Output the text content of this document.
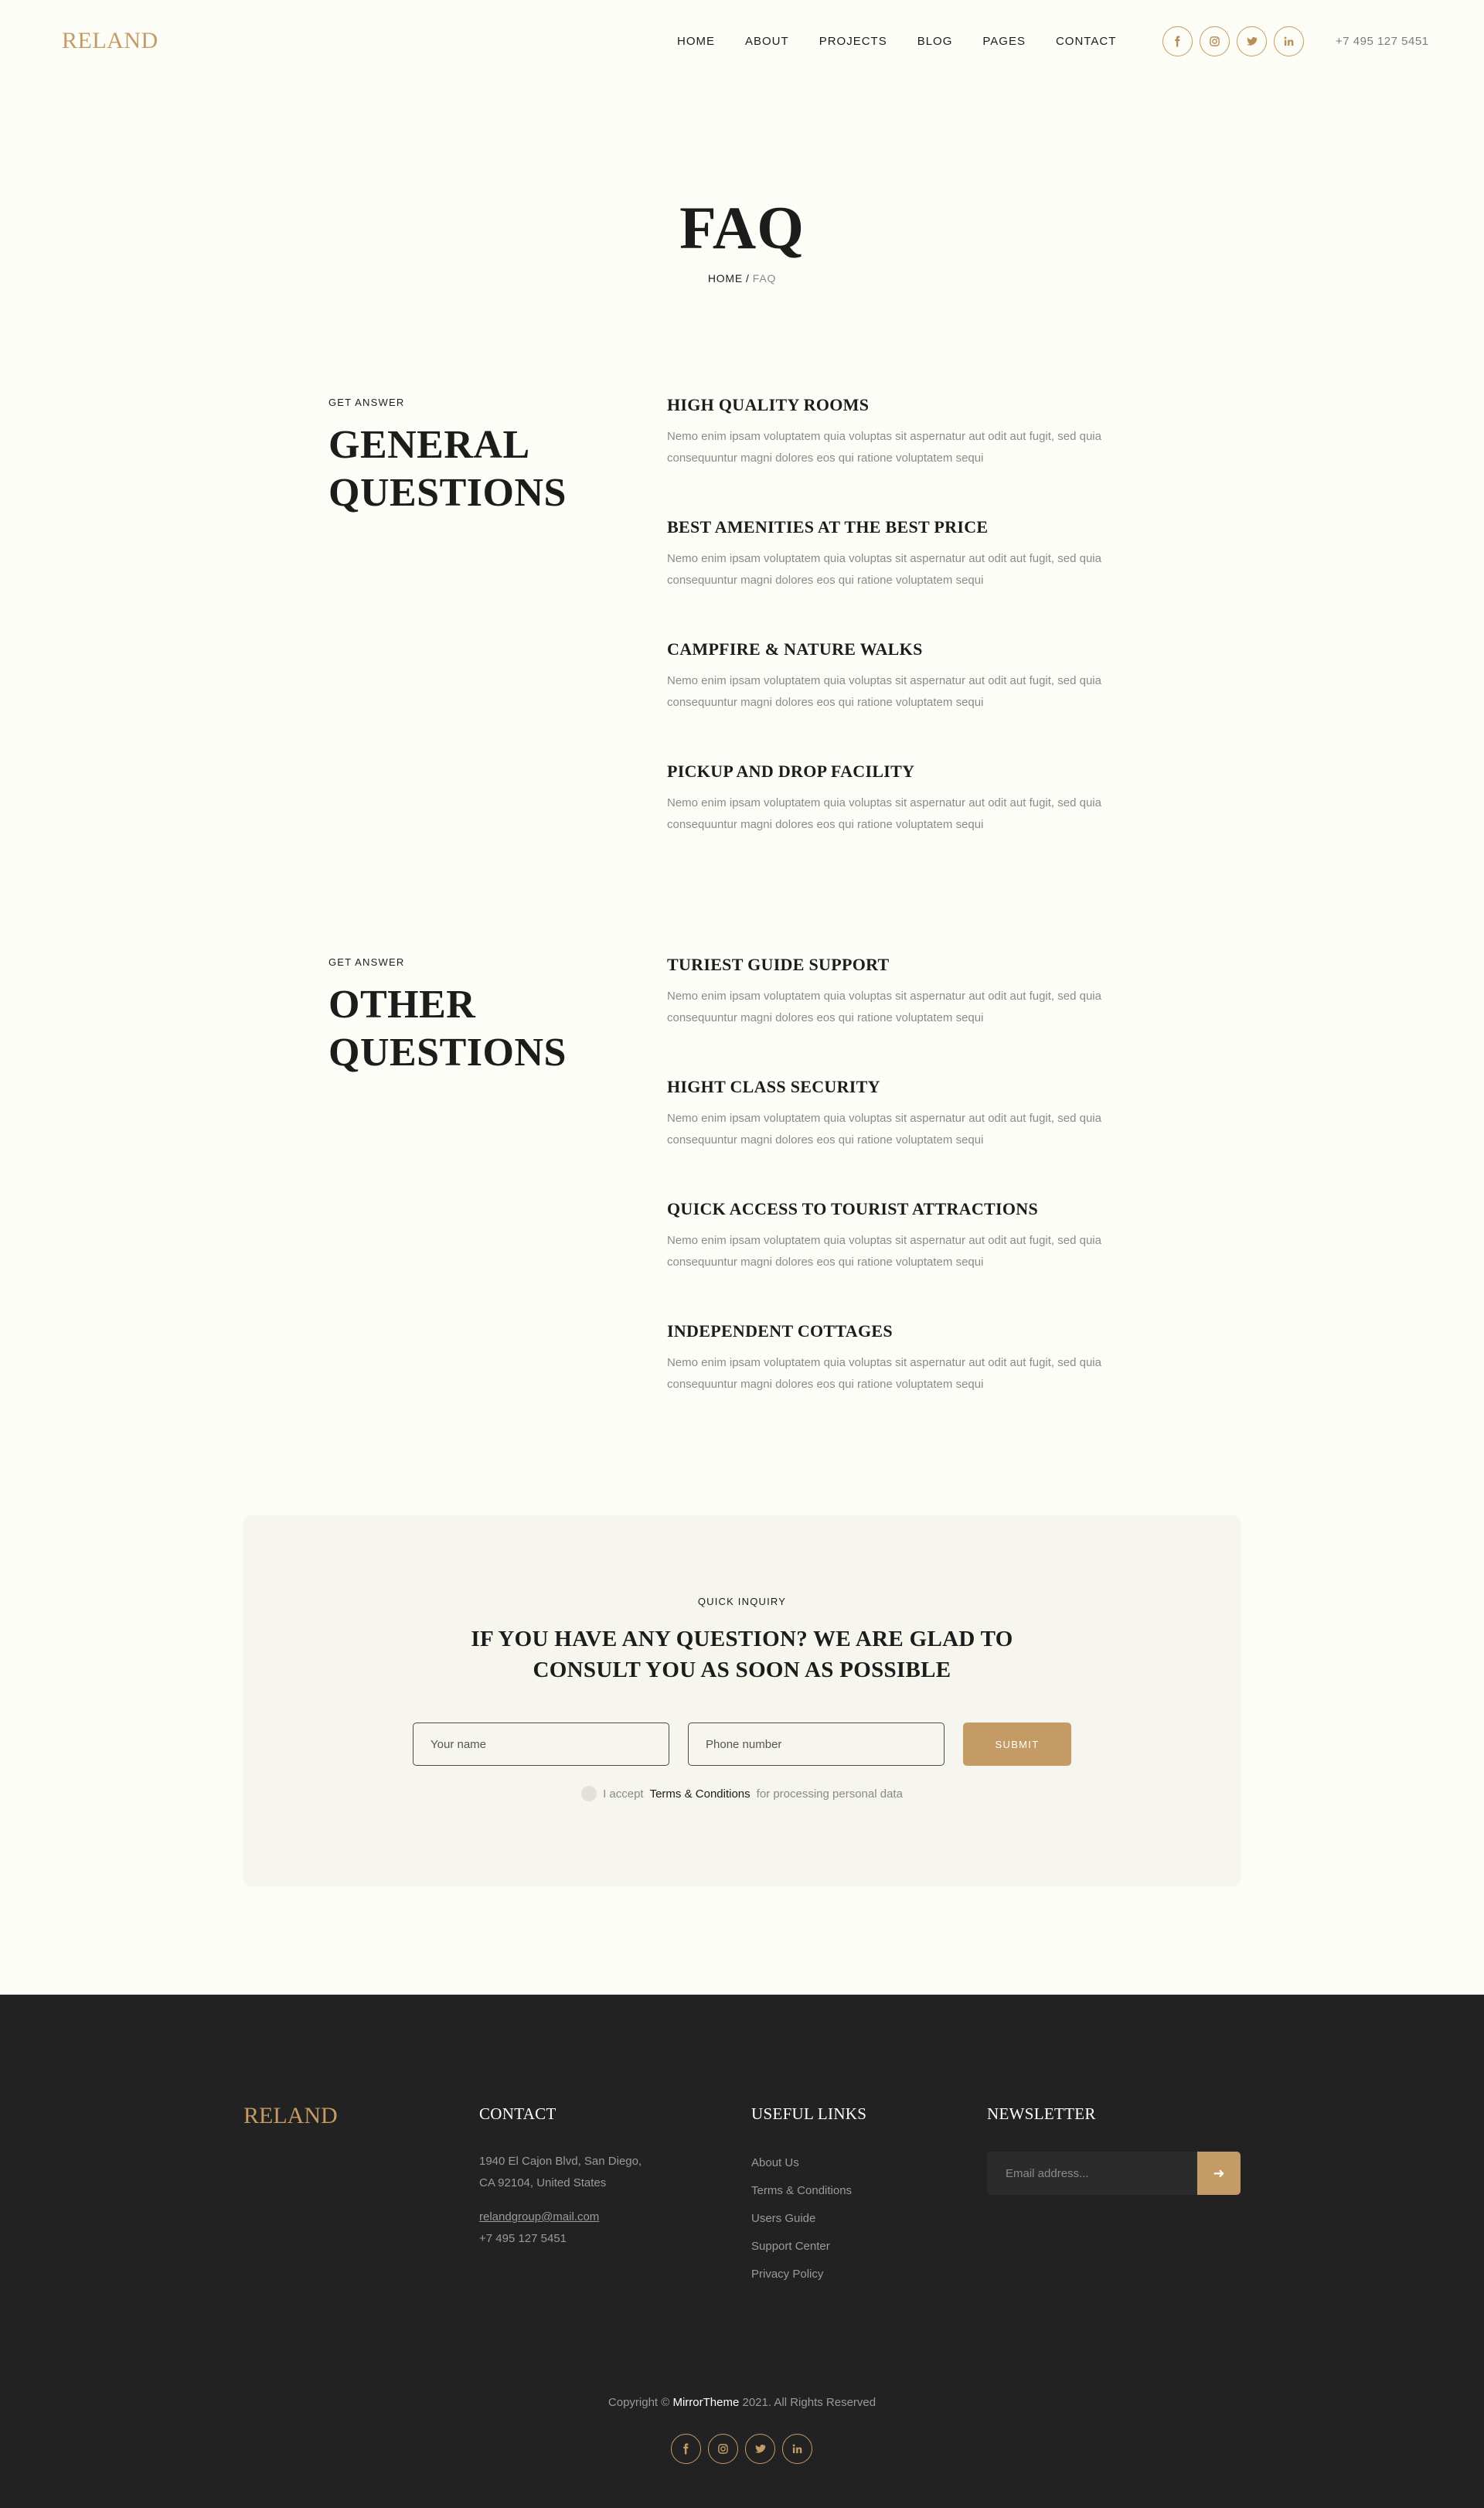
RELAND	HOME	ABOUT	PROJECTS	BLOG	PAGES	CONTACT	+7 495 127 5451
FAQ
HOME / FAQ
GET ANSWER
GENERAL QUESTIONS
HIGH QUALITY ROOMS

Nemo enim ipsam voluptatem quia voluptas sit aspernatur aut odit aut fugit, sed quia consequuntur magni dolores eos qui ratione voluptatem sequi

BEST AMENITIES AT THE BEST PRICE

Nemo enim ipsam voluptatem quia voluptas sit aspernatur aut odit aut fugit, sed quia consequuntur magni dolores eos qui ratione voluptatem sequi

CAMPFIRE & NATURE WALKS

Nemo enim ipsam voluptatem quia voluptas sit aspernatur aut odit aut fugit, sed quia consequuntur magni dolores eos qui ratione voluptatem sequi

PICKUP AND DROP FACILITY

Nemo enim ipsam voluptatem quia voluptas sit aspernatur aut odit aut fugit, sed quia consequuntur magni dolores eos qui ratione voluptatem sequi

GET ANSWER
OTHER QUESTIONS
TURIEST GUIDE SUPPORT

Nemo enim ipsam voluptatem quia voluptas sit aspernatur aut odit aut fugit, sed quia consequuntur magni dolores eos qui ratione voluptatem sequi

HIGHT CLASS SECURITY

Nemo enim ipsam voluptatem quia voluptas sit aspernatur aut odit aut fugit, sed quia consequuntur magni dolores eos qui ratione voluptatem sequi

QUICK ACCESS TO TOURIST ATTRACTIONS

Nemo enim ipsam voluptatem quia voluptas sit aspernatur aut odit aut fugit, sed quia consequuntur magni dolores eos qui ratione voluptatem sequi

INDEPENDENT COTTAGES

Nemo enim ipsam voluptatem quia voluptas sit aspernatur aut odit aut fugit, sed quia consequuntur magni dolores eos qui ratione voluptatem sequi

QUICK INQUIRY
IF YOU HAVE ANY QUESTION? WE ARE GLAD TO
CONSULT YOU AS SOON AS POSSIBLE
Your name
Phone number
SUBMIT
I accept Terms & Conditions for processing personal data
RELAND	CONTACT
1940 El Cajon Blvd, San Diego,
CA 92104, United States
relandgroup@mail.com
+7 495 127 5451
USEFUL LINKS
About Us
Terms & Conditions
Users Guide
Support Center
Privacy Policy
NEWSLETTER
Email address...
➜
Copyright © MirrorTheme 2021. All Rights Reserved
